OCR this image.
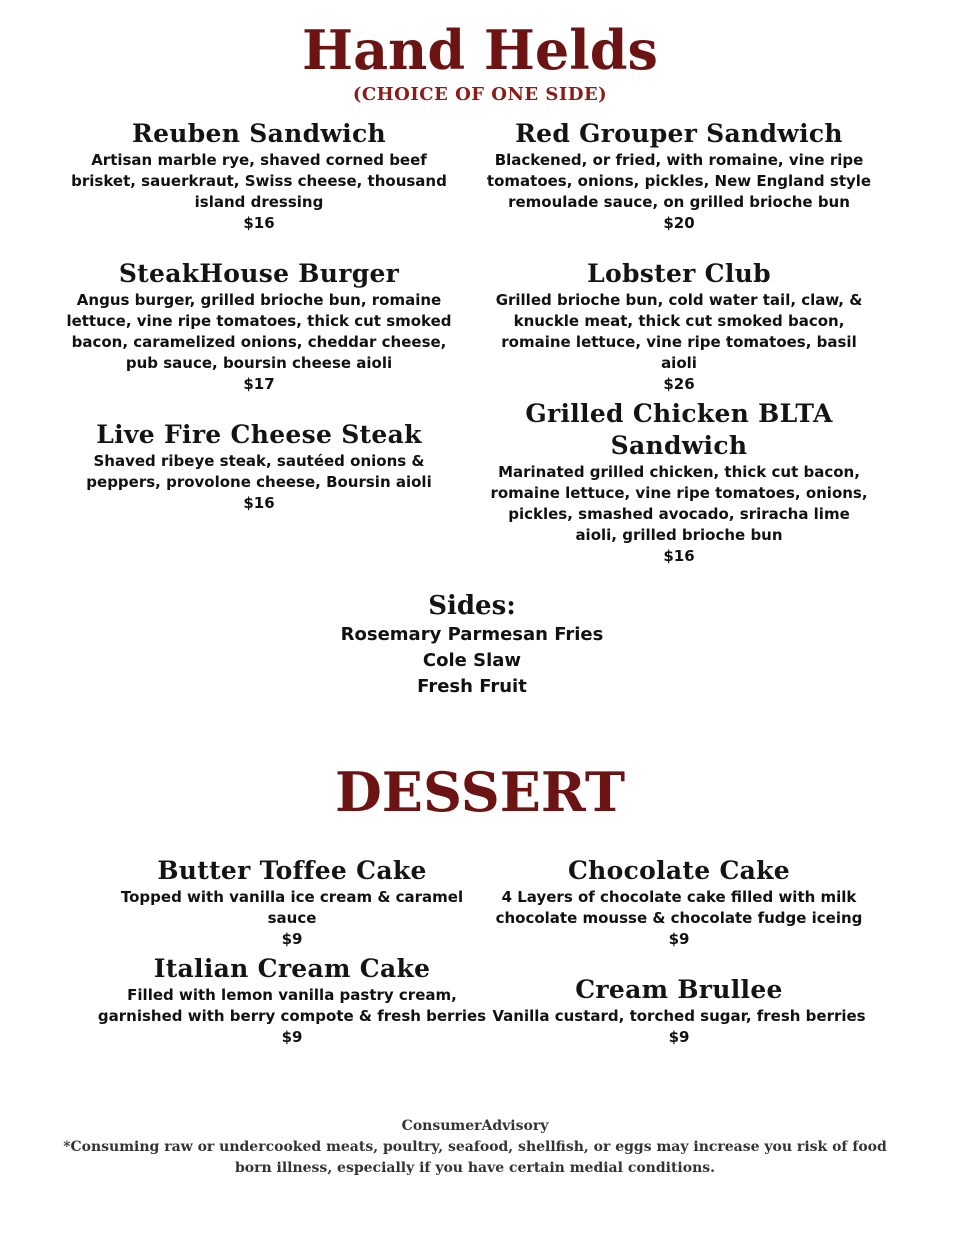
Hand Helds

(CHOICE OF ONE SIDE)

Reuben Sandwich

Artisan marble rye, shaved corned beef brisket, sauerkraut, Swiss cheese, thousand island dressing

$16

SteakHouse Burger

Angus burger, grilled brioche bun, romaine lettuce, vine ripe tomatoes, thick cut smoked bacon, caramelized onions, cheddar cheese, pub sauce, boursin cheese aioli

$17

Live Fire Cheese Steak

Shaved ribeye steak, sautéed onions & peppers, provolone cheese, Boursin aioli

$16

Red Grouper Sandwich

Blackened, or fried, with romaine, vine ripe tomatoes, onions, pickles, New England style remoulade sauce, on grilled brioche bun

$20

Lobster Club

Grilled brioche bun, cold water tail, claw, & knuckle meat, thick cut smoked bacon, romaine lettuce, vine ripe tomatoes, basil aioli

$26

Grilled Chicken BLTA Sandwich

Marinated grilled chicken, thick cut bacon, romaine lettuce, vine ripe tomatoes, onions, pickles, smashed avocado, sriracha lime aioli, grilled brioche bun

$16

Sides:

Rosemary Parmesan Fries

Cole Slaw

Fresh Fruit

DESSERT

Butter Toffee Cake

Topped with vanilla ice cream & caramel sauce

$9

Italian Cream Cake

Filled with lemon vanilla pastry cream, garnished with berry compote & fresh berries

$9

Chocolate Cake

4 Layers of chocolate cake filled with milk chocolate mousse & chocolate fudge iceing

$9

Cream Brullee

Vanilla custard, torched sugar, fresh berries

$9

ConsumerAdvisory

*Consuming raw or undercooked meats, poultry, seafood, shellfish, or eggs may increase you risk of food born illness, especially if you have certain medial conditions.
